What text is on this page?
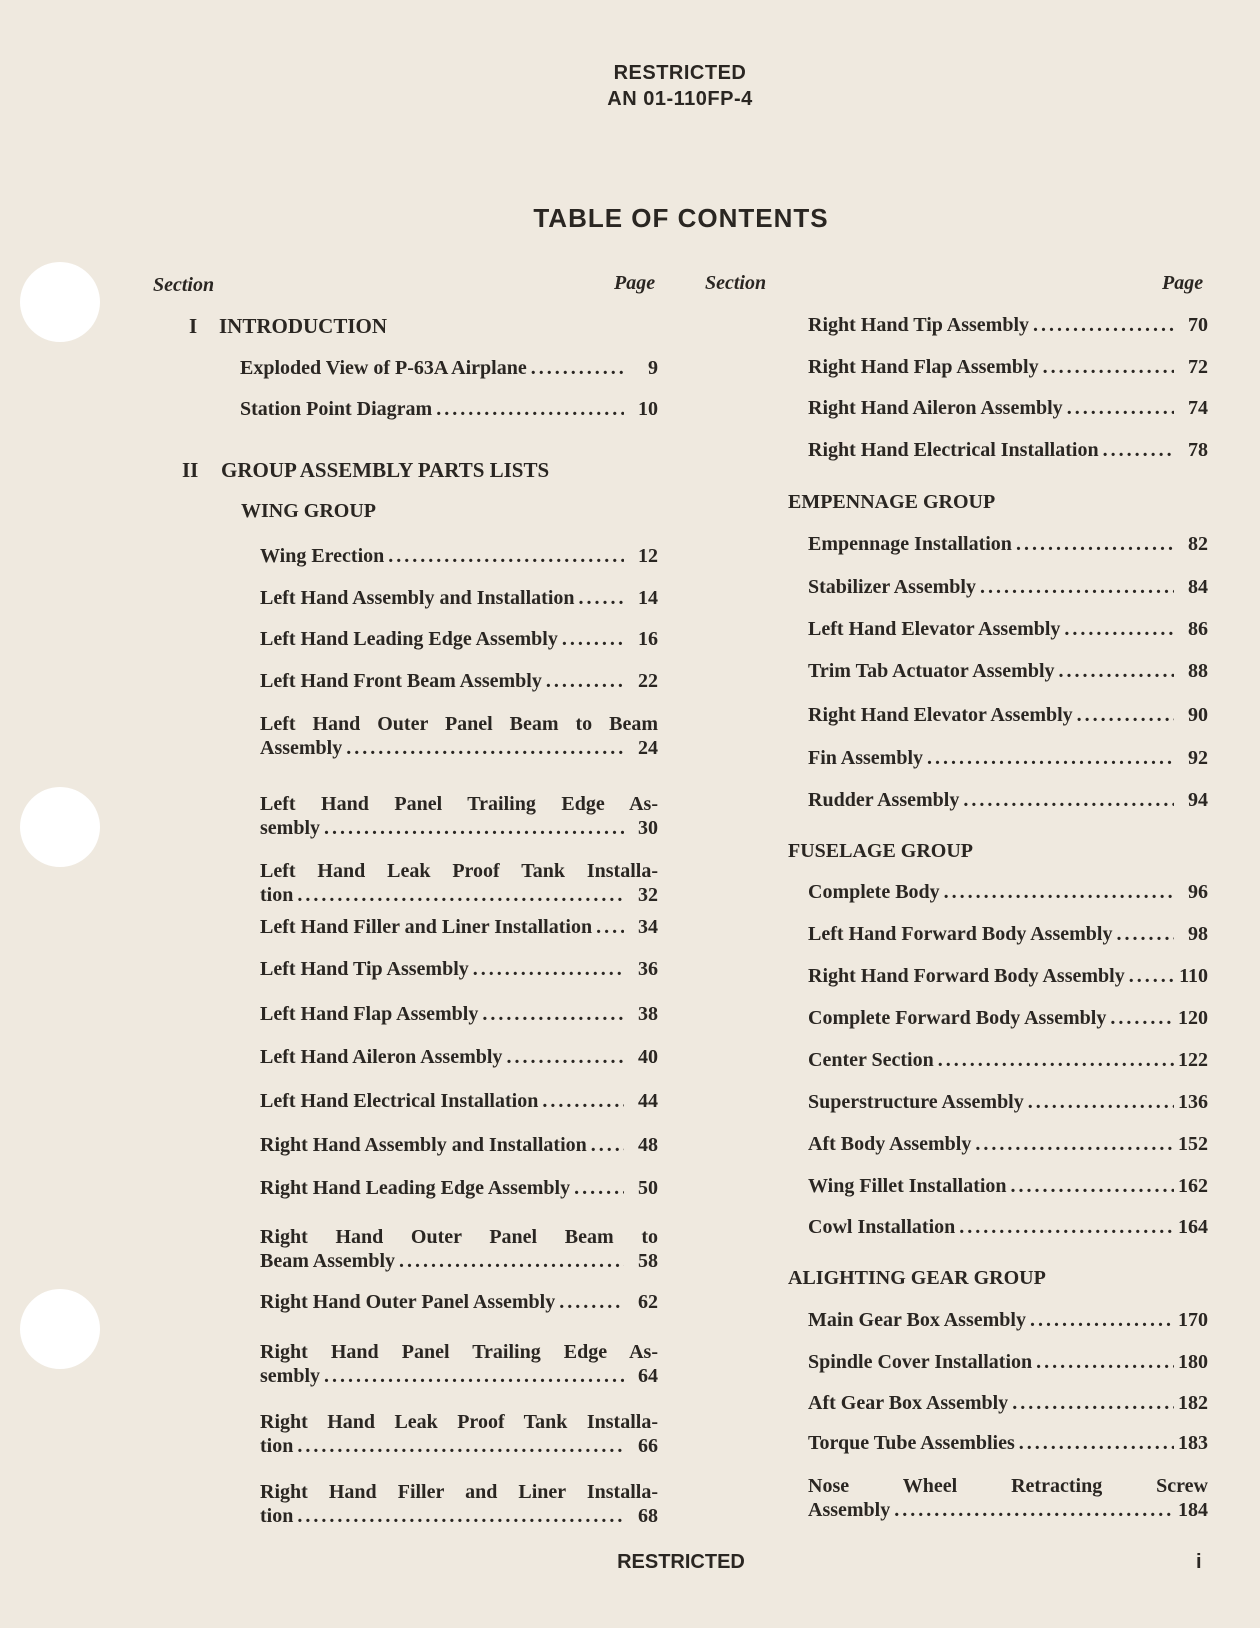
RESTRICTED
AN 01-110FP-4
TABLE OF CONTENTS
Section	Page Section	Page
I INTRODUCTION
Exploded View of P-63A Airplane .....	9
Station Point Diagram .....	10
II GROUP ASSEMBLY PARTS LISTS
WING GROUP
Wing Erection .....	12
Left Hand Assembly and Installation .....	14
Left Hand Leading Edge Assembly .....	16
Left Hand Front Beam Assembly .....	22
Left Hand Outer Panel Beam to Beam
Assembly .....	24
Left Hand Panel Trailing Edge As-
sembly .....	30
Left Hand Leak Proof Tank Installa-
tion .....	32
Left Hand Filler and Liner Installation .....	34
Left Hand Tip Assembly .....	36
Left Hand Flap Assembly .....	38
Left Hand Aileron Assembly .....	40
Left Hand Electrical Installation .....	44
Right Hand Assembly and Installation .....	48
Right Hand Leading Edge Assembly .....	50
Right Hand Outer Panel Beam to
Beam Assembly .....	58
Right Hand Outer Panel Assembly .....	62
Right Hand Panel Trailing Edge As-
sembly .....	64
Right Hand Leak Proof Tank Installa-
tion .....	66
Right Hand Filler and Liner Installa-
tion .....	68
Right Hand Tip Assembly .....	70
Right Hand Flap Assembly .....	72
Right Hand Aileron Assembly .....	74
Right Hand Electrical Installation .....	78
EMPENNAGE GROUP
Empennage Installation .....	82
Stabilizer Assembly .....	84
Left Hand Elevator Assembly .....	86
Trim Tab Actuator Assembly .....	88
Right Hand Elevator Assembly .....	90
Fin Assembly .....	92
Rudder Assembly .....	94
FUSELAGE GROUP
Complete Body .....	96
Left Hand Forward Body Assembly .....	98
Right Hand Forward Body Assembly .....	110
Complete Forward Body Assembly .....	120
Center Section .....	122
Superstructure Assembly .....	136
Aft Body Assembly .....	152
Wing Fillet Installation .....	162
Cowl Installation .....	164
ALIGHTING GEAR GROUP
Main Gear Box Assembly .....	170
Spindle Cover Installation .....	180
Aft Gear Box Assembly .....	182
Torque Tube Assemblies .....	183
Nose Wheel Retracting Screw
Assembly .....	184
RESTRICTED	i
